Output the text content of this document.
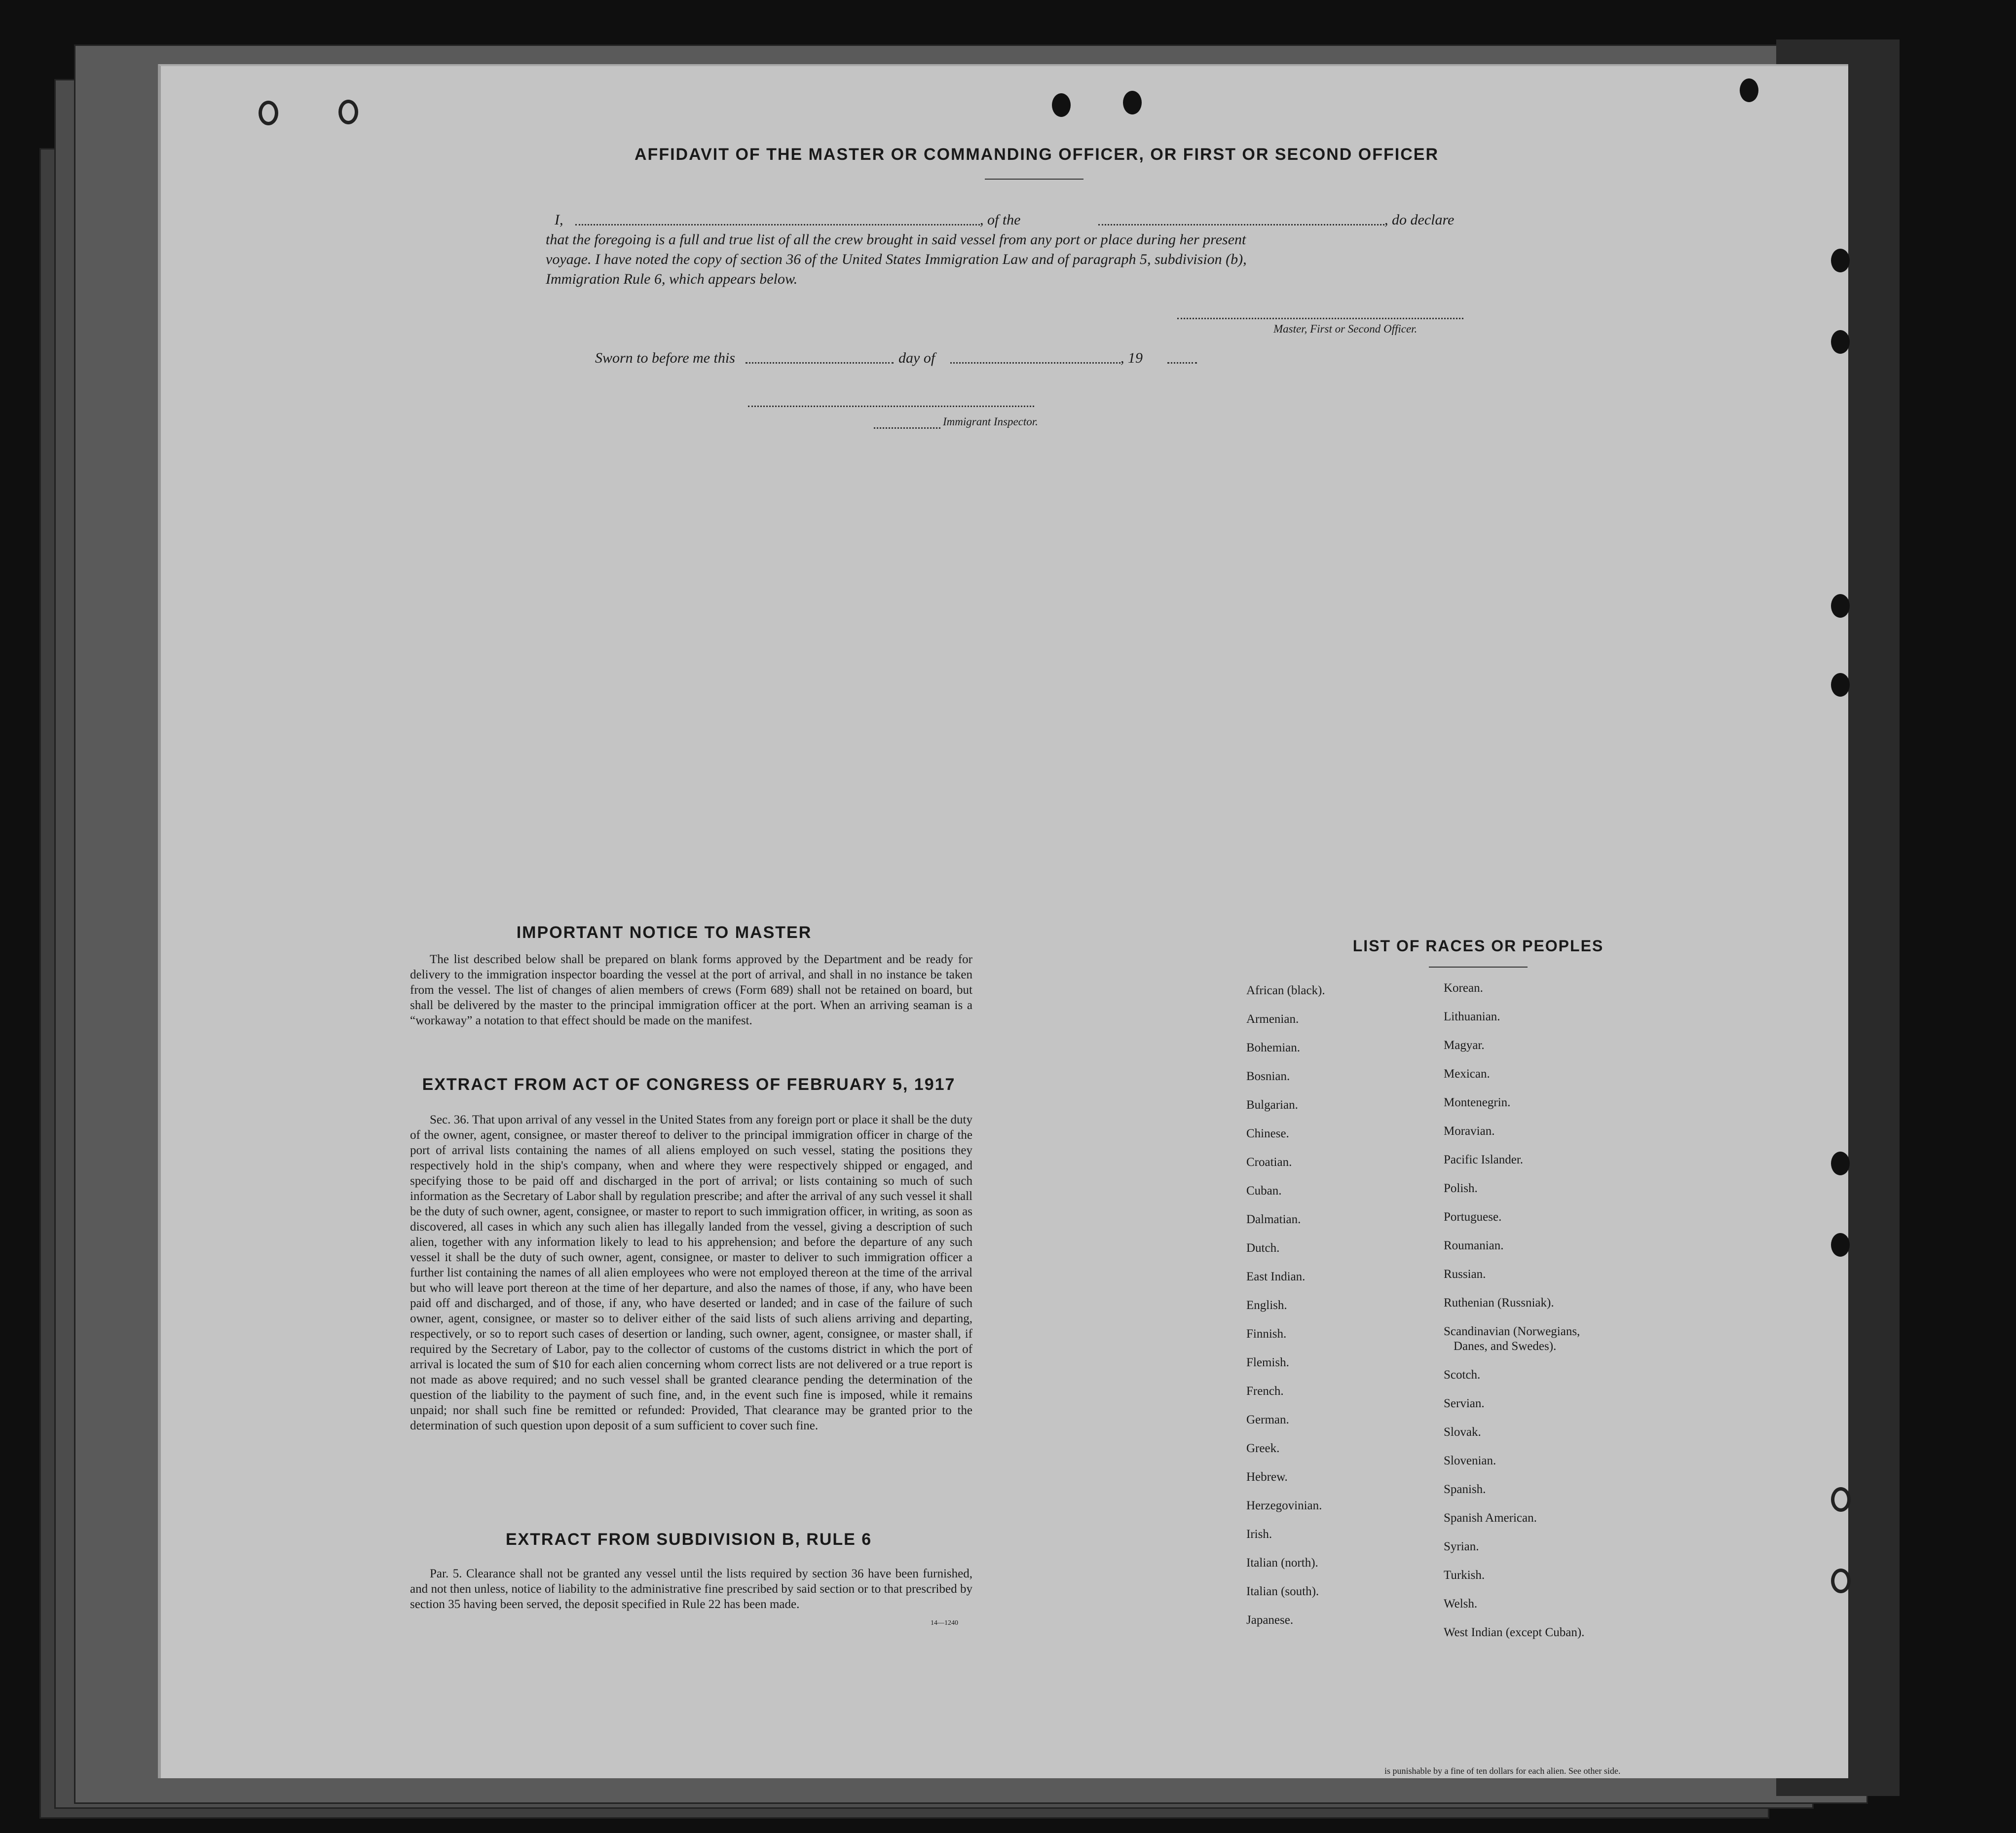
AFFIDAVIT OF THE MASTER OR COMMANDING OFFICER, OR FIRST OR SECOND OFFICER
I,	, of the	, do declare
that the foregoing is a full and true list of all the crew brought in said vessel from any port or place during her present
voyage. I have noted the copy of section 36 of the United States Immigration Law and of paragraph 5, subdivision (b),
Immigration Rule 6, which appears below.
Master, First or Second Officer.
Sworn to before me this	day of	, 19
Immigrant Inspector.
IMPORTANT NOTICE TO MASTER
The list described below shall be prepared on blank forms approved by the Department and be ready for delivery to the immigration inspector boarding the vessel at the port of arrival, and shall in no instance be taken from the vessel. The list of changes of alien members of crews (Form 689) shall not be retained on board, but shall be delivered by the master to the principal immigration officer at the port. When an arriving seaman is a “workaway” a notation to that effect should be made on the manifest.
EXTRACT FROM ACT OF CONGRESS OF FEBRUARY 5, 1917
Sec. 36. That upon arrival of any vessel in the United States from any foreign port or place it shall be the duty of the owner, agent, consignee, or master thereof to deliver to the principal immigration officer in charge of the port of arrival lists containing the names of all aliens employed on such vessel, stating the positions they respectively hold in the ship's company, when and where they were respectively shipped or engaged, and specifying those to be paid off and discharged in the port of arrival; or lists containing so much of such information as the Secretary of Labor shall by regulation prescribe; and after the arrival of any such vessel it shall be the duty of such owner, agent, consignee, or master to report to such immigration officer, in writing, as soon as discovered, all cases in which any such alien has illegally landed from the vessel, giving a description of such alien, together with any information likely to lead to his apprehension; and before the departure of any such vessel it shall be the duty of such owner, agent, consignee, or master to deliver to such immigration officer a further list containing the names of all alien employees who were not employed thereon at the time of the arrival but who will leave port thereon at the time of her departure, and also the names of those, if any, who have been paid off and discharged, and of those, if any, who have deserted or landed; and in case of the failure of such owner, agent, consignee, or master so to deliver either of the said lists of such aliens arriving and departing, respectively, or so to report such cases of desertion or landing, such owner, agent, consignee, or master shall, if required by the Secretary of Labor, pay to the collector of customs of the customs district in which the port of arrival is located the sum of $10 for each alien concerning whom correct lists are not delivered or a true report is not made as above required; and no such vessel shall be granted clearance pending the determination of the question of the liability to the payment of such fine, and, in the event such fine is imposed, while it remains unpaid; nor shall such fine be remitted or refunded: Provided, That clearance may be granted prior to the determination of such question upon deposit of a sum sufficient to cover such fine.
EXTRACT FROM SUBDIVISION B, RULE 6
Par. 5. Clearance shall not be granted any vessel until the lists required by section 36 have been furnished, and not then unless, notice of liability to the administrative fine prescribed by said section or to that prescribed by section 35 having been served, the deposit specified in Rule 22 has been made.
14—1240
LIST OF RACES OR PEOPLES
African (black).
Armenian.
Bohemian.
Bosnian.
Bulgarian.
Chinese.
Croatian.
Cuban.
Dalmatian.
Dutch.
East Indian.
English.
Finnish.
Flemish.
French.
German.
Greek.
Hebrew.
Herzegovinian.
Irish.
Italian (north).
Italian (south).
Japanese.
Korean.
Lithuanian.
Magyar.
Mexican.
Montenegrin.
Moravian.
Pacific Islander.
Polish.
Portuguese.
Roumanian.
Russian.
Ruthenian (Russniak).
Scandinavian (Norwegians,
Danes, and Swedes).
Scotch.
Servian.
Slovak.
Slovenian.
Spanish.
Spanish American.
Syrian.
Turkish.
Welsh.
West Indian (except Cuban).
is punishable by a fine of ten dollars for each alien. See other side.
